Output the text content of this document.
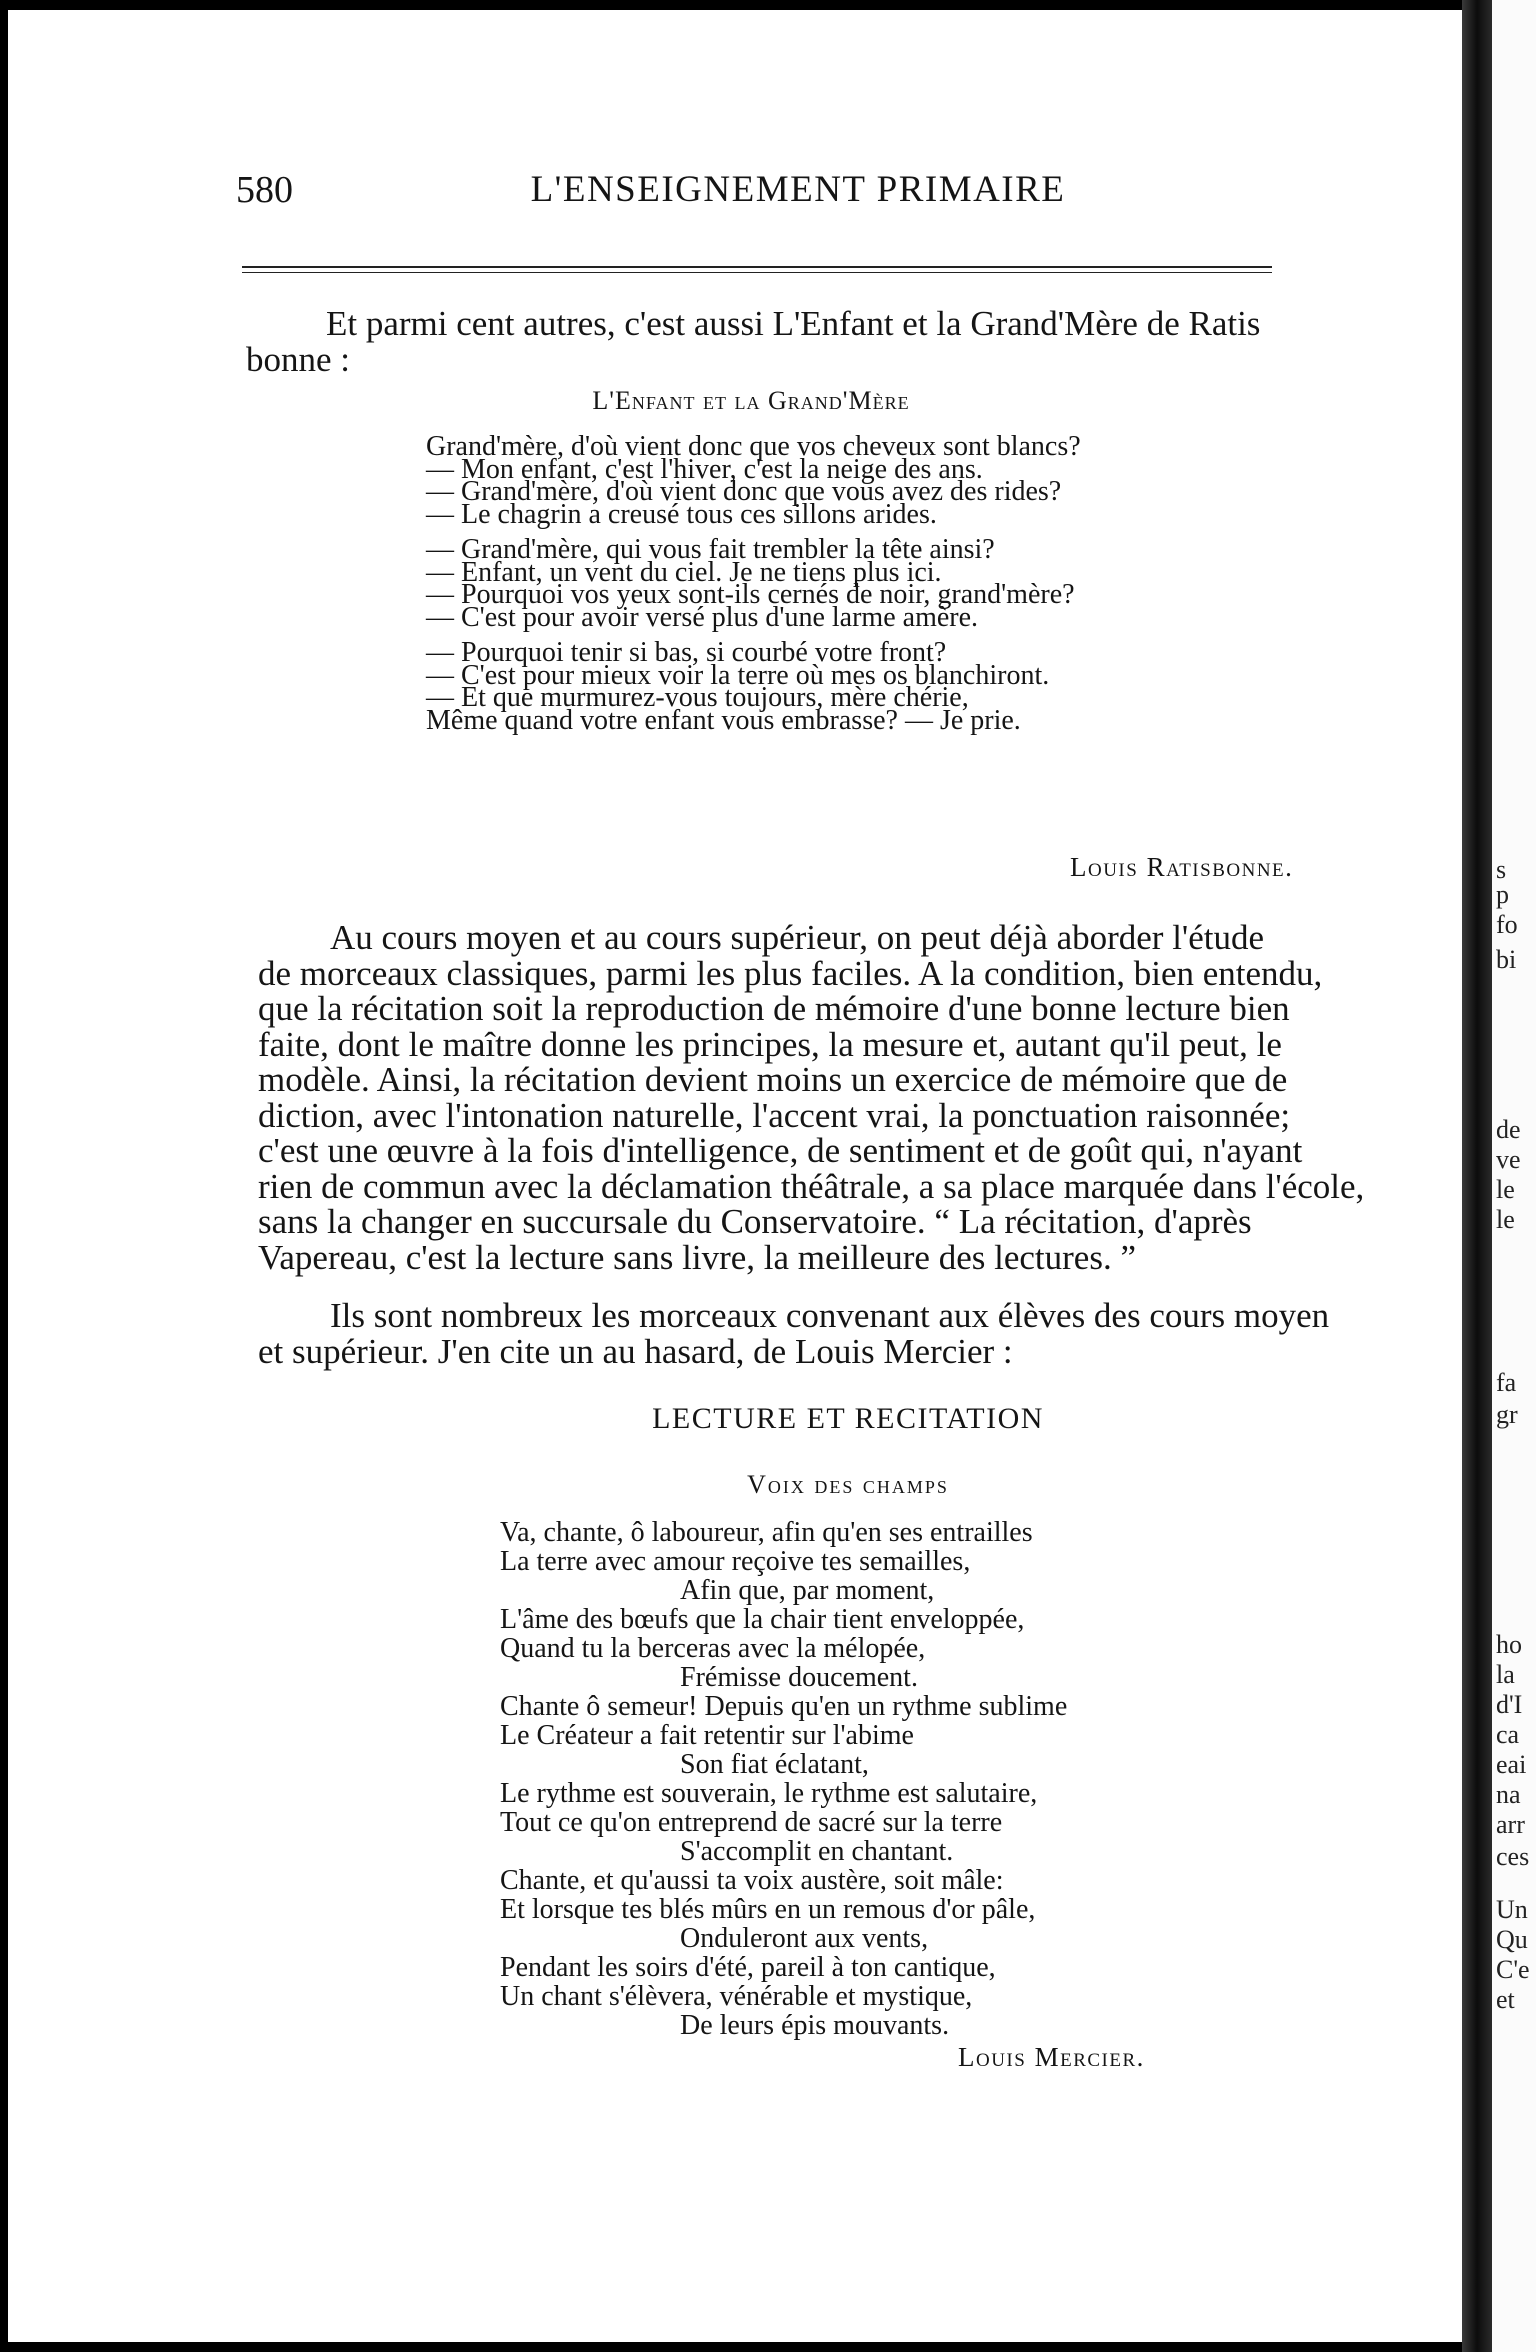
s
p
fo
bi
de
ve
le
le
fa
gr
ho
la
d'I
ca
eai
na
arr
ces
Un
Qu
C'e
et
580	L'ENSEIGNEMENT PRIMAIRE
Et parmi cent autres, c'est aussi L'Enfant et la Grand'Mère de Ratis
bonne :
L'Enfant et la Grand'Mère
Grand'mère, d'où vient donc que vos cheveux sont blancs?
— Mon enfant, c'est l'hiver, c'est la neige des ans.
— Grand'mère, d'où vient donc que vous avez des rides?
— Le chagrin a creusé tous ces sillons arides.
— Grand'mère, qui vous fait trembler la tête ainsi?
— Enfant, un vent du ciel. Je ne tiens plus ici.
— Pourquoi vos yeux sont-ils cernés de noir, grand'mère?
— C'est pour avoir versé plus d'une larme amère.
— Pourquoi tenir si bas, si courbé votre front?
— C'est pour mieux voir la terre où mes os blanchiront.
— Et que murmurez-vous toujours, mère chérie,
Même quand votre enfant vous embrasse? — Je prie.
Louis Ratisbonne.
Au cours moyen et au cours supérieur, on peut déjà aborder l'étude
de morceaux classiques, parmi les plus faciles. A la condition, bien entendu,
que la récitation soit la reproduction de mémoire d'une bonne lecture bien
faite, dont le maître donne les principes, la mesure et, autant qu'il peut, le
modèle. Ainsi, la récitation devient moins un exercice de mémoire que de
diction, avec l'intonation naturelle, l'accent vrai, la ponctuation raisonnée;
c'est une œuvre à la fois d'intelligence, de sentiment et de goût qui, n'ayant
rien de commun avec la déclamation théâtrale, a sa place marquée dans l'école,
sans la changer en succursale du Conservatoire. “ La récitation, d'après
Vapereau, c'est la lecture sans livre, la meilleure des lectures. ”
Ils sont nombreux les morceaux convenant aux élèves des cours moyen
et supérieur. J'en cite un au hasard, de Louis Mercier :
LECTURE ET RECITATION
Voix des champs
Va, chante, ô laboureur, afin qu'en ses entrailles
La terre avec amour reçoive tes semailles,
Afin que, par moment,
L'âme des bœufs que la chair tient enveloppée,
Quand tu la berceras avec la mélopée,
Frémisse doucement.
Chante ô semeur! Depuis qu'en un rythme sublime
Le Créateur a fait retentir sur l'abime
Son fiat éclatant,
Le rythme est souverain, le rythme est salutaire,
Tout ce qu'on entreprend de sacré sur la terre
S'accomplit en chantant.
Chante, et qu'aussi ta voix austère, soit mâle:
Et lorsque tes blés mûrs en un remous d'or pâle,
Onduleront aux vents,
Pendant les soirs d'été, pareil à ton cantique,
Un chant s'élèvera, vénérable et mystique,
De leurs épis mouvants.
Louis Mercier.
